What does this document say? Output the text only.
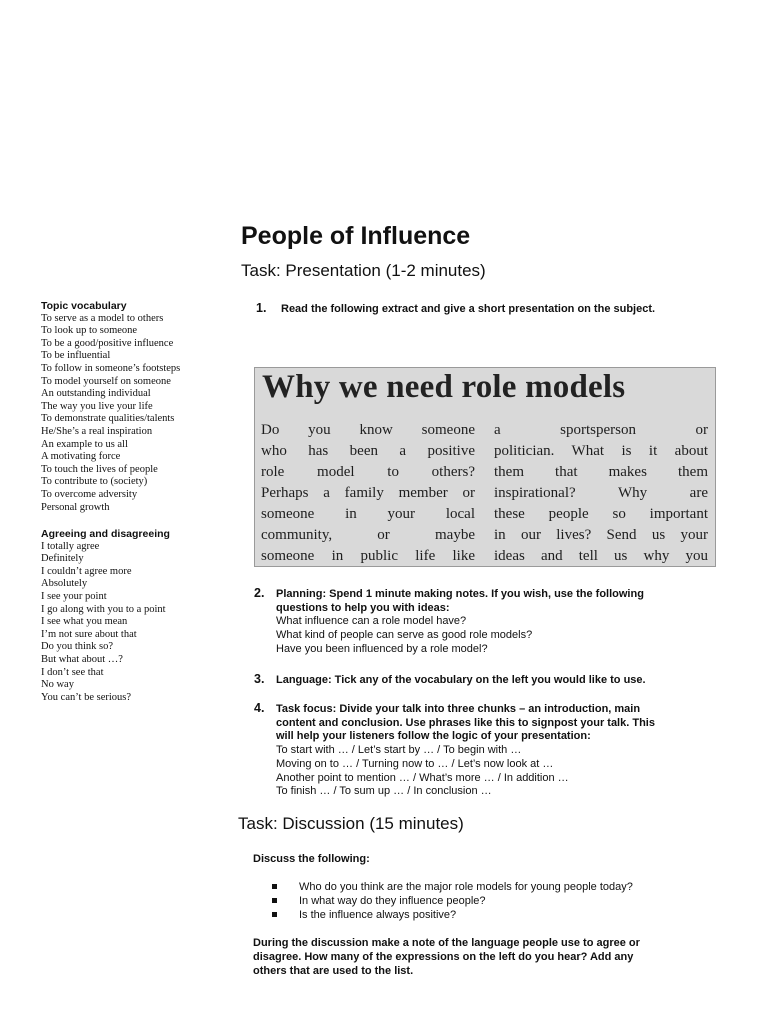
People of Influence
Task: Presentation (1-2 minutes)
Topic vocabulary
To serve as a model to others
To look up to someone
To be a good/positive influence
To be influential
To follow in someone’s footsteps
To model yourself on someone
An outstanding individual
The way you live your life
To demonstrate qualities/talents
He/She’s a real inspiration
An example to us all
A motivating force
To touch the lives of people
To contribute to (society)
To overcome adversity
Personal growth
Agreeing and disagreeing
I totally agree
Definitely
I couldn’t agree more
Absolutely
I see your point
I go along with you to a point
I see what you mean
I’m not sure about that
Do you think so?
But what about …?
I don’t see that
No way
You can’t be serious?
1. Read the following extract and give a short presentation on the subject.
Why we need role models
Do you know someone
who has been a positive
role model to others?
Perhaps a family member or
someone in your local
community, or maybe
someone in public life like
a sportsperson or
politician. What is it about
them that makes them
inspirational? Why are
these people so important
in our lives? Send us your
ideas and tell us why you
2. Planning: Spend 1 minute making notes. If you wish, use the following
questions to help you with ideas:
What influence can a role model have?
What kind of people can serve as good role models?
Have you been influenced by a role model?
3. Language: Tick any of the vocabulary on the left you would like to use.
4. Task focus: Divide your talk into three chunks – an introduction, main
content and conclusion. Use phrases like this to signpost your talk. This
will help your listeners follow the logic of your presentation:
To start with … / Let’s start by … / To begin with …
Moving on to … / Turning now to … / Let’s now look at …
Another point to mention … / What’s more … / In addition …
To finish … / To sum up … / In conclusion …
Task: Discussion (15 minutes)
Discuss the following:
Who do you think are the major role models for young people today?
In what way do they influence people?
Is the influence always positive?
During the discussion make a note of the language people use to agree or
disagree. How many of the expressions on the left do you hear? Add any
others that are used to the list.
